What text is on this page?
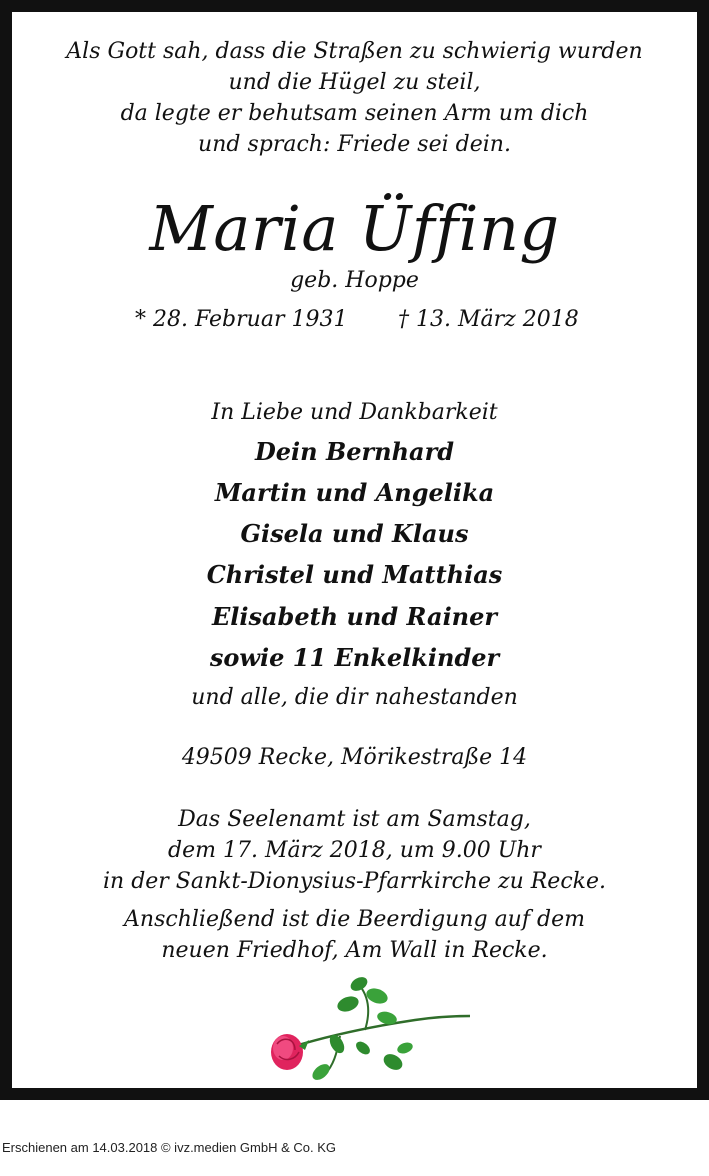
Als Gott sah, dass die Straßen zu schwierig wurden
und die Hügel zu steil,
da legte er behutsam seinen Arm um dich
und sprach: Friede sei dein.
Maria Üffing
geb. Hoppe
* 28. Februar 1931 † 13. März 2018
In Liebe und Dankbarkeit
Dein Bernhard
Martin und Angelika
Gisela und Klaus
Christel und Matthias
Elisabeth und Rainer
sowie 11 Enkelkinder
und alle, die dir nahestanden
49509 Recke, Mörikestraße 14
Das Seelenamt ist am Samstag,
dem 17. März 2018, um 9.00 Uhr
in der Sankt-Dionysius-Pfarrkirche zu Recke.
Anschließend ist die Beerdigung auf dem
neuen Friedhof, Am Wall in Recke.
Erschienen am 14.03.2018 © ivz.medien GmbH & Co. KG
